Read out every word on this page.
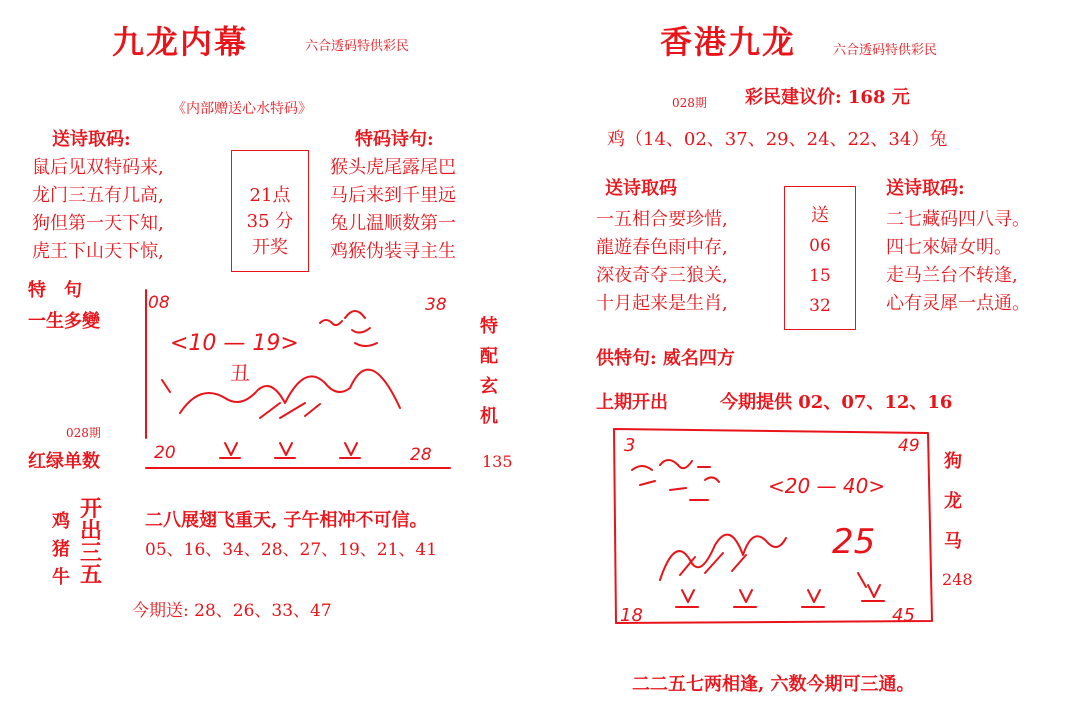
九龙内幕	六合透码特供彩民
《内部赠送心水特码》
送诗取码:
鼠后见双特码来,
龙门三五有几高,
狗但第一天下知,
虎王下山天下惊,
特码诗句:
猴头虎尾露尾巴
马后来到千里远
兔儿温顺数第一
鸡猴伪装寻主生
21点
35 分
开奖
特　句
一生多變
08	38
<10 — 19>
丑
20	28
特
配
玄
机
135
028期
红绿单数
鸡
猪
牛
开
出
三
五
二八展翅飞重天, 子午相冲不可信。
05、16、34、28、27、19、21、41
今期送: 28、26、33、47
香港九龙	六合透码特供彩民
028期 彩民建议价: 168 元
鸡（14、02、37、29、24、22、34）兔
送诗取码
一五相合要珍惜,
龍遊春色雨中存,
深夜奇夺三狼关,
十月起来是生肖,
送
06
15
32
送诗取码:
二七藏码四八寻。
四七來婦女明。
走马兰台不转逢,
心有灵犀一点通。
供特句: 威名四方
上期开出	今期提供 02、07、12、16
3	49
<20 — 40>
25
18	45
狗
龙
马
248
二二五七两相逢, 六数今期可三通。
